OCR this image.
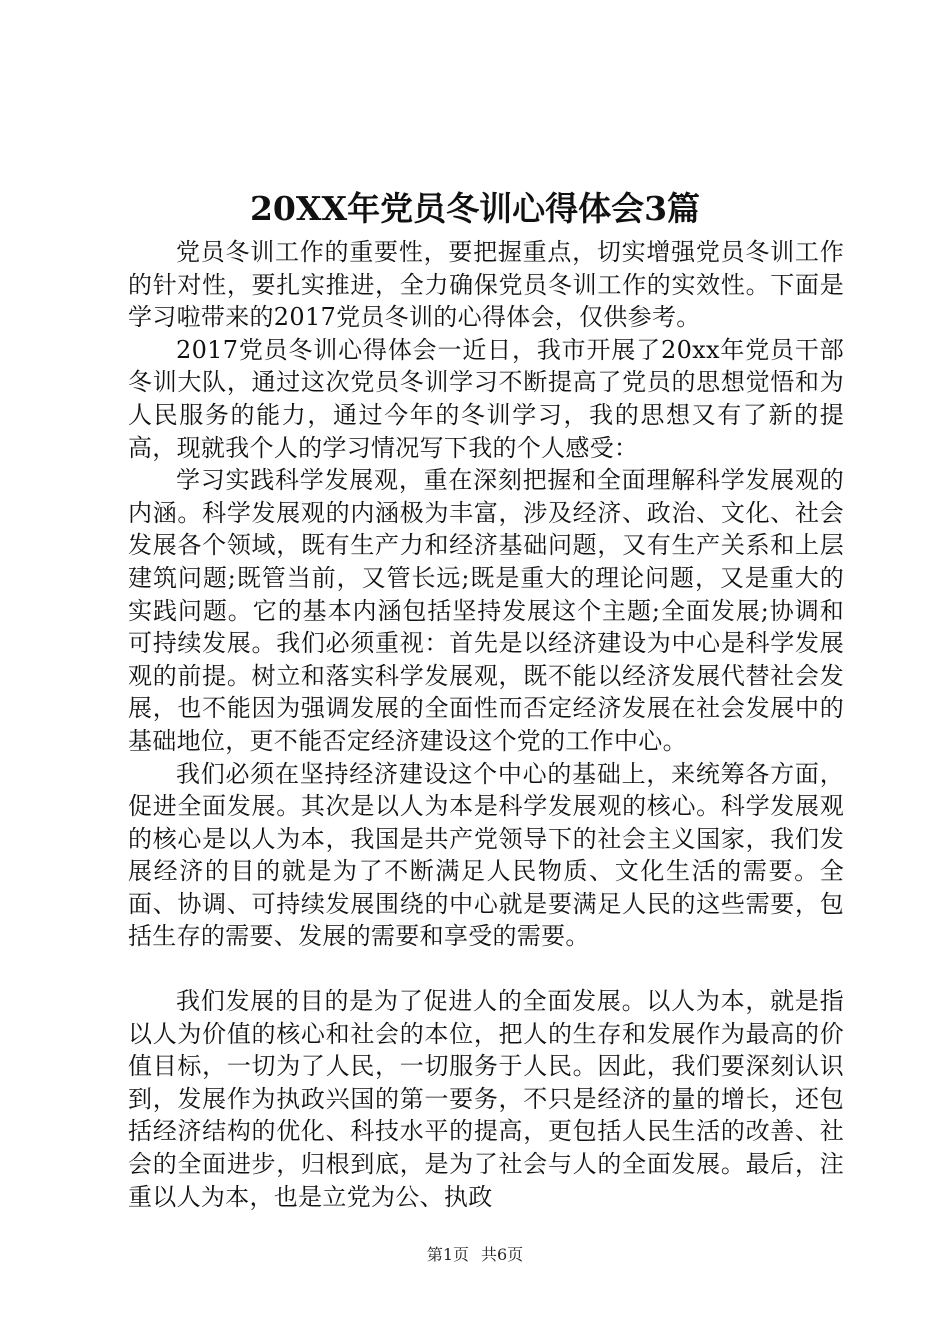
20XX年党员冬训心得体会3篇

党员冬训工作的重要性，要把握重点，切实增强党员冬训工作的针对性，要扎实推进，全力确保党员冬训工作的实效性。下面是学习啦带来的2017党员冬训的心得体会，仅供参考。

2017党员冬训心得体会一近日，我市开展了20xx年党员干部冬训大队，通过这次党员冬训学习不断提高了党员的思想觉悟和为人民服务的能力，通过今年的冬训学习，我的思想又有了新的提高，现就我个人的学习情况写下我的个人感受：

学习实践科学发展观，重在深刻把握和全面理解科学发展观的内涵。科学发展观的内涵极为丰富，涉及经济、政治、文化、社会发展各个领域，既有生产力和经济基础问题，又有生产关系和上层建筑问题;既管当前，又管长远;既是重大的理论问题，又是重大的实践问题。它的基本内涵包括坚持发展这个主题;全面发展;协调和可持续发展。我们必须重视：首先是以经济建设为中心是科学发展观的前提。树立和落实科学发展观，既不能以经济发展代替社会发展，也不能因为强调发展的全面性而否定经济发展在社会发展中的基础地位，更不能否定经济建设这个党的工作中心。

我们必须在坚持经济建设这个中心的基础上，来统筹各方面，促进全面发展。其次是以人为本是科学发展观的核心。科学发展观的核心是以人为本，我国是共产党领导下的社会主义国家，我们发展经济的目的就是为了不断满足人民物质、文化生活的需要。全面、协调、可持续发展围绕的中心就是要满足人民的这些需要，包括生存的需要、发展的需要和享受的需要。

我们发展的目的是为了促进人的全面发展。以人为本，就是指以人为价值的核心和社会的本位，把人的生存和发展作为最高的价值目标，一切为了人民，一切服务于人民。因此，我们要深刻认识到，发展作为执政兴国的第一要务，不只是经济的量的增长，还包括经济结构的优化、科技水平的提高，更包括人民生活的改善、社会的全面进步，归根到底，是为了社会与人的全面发展。最后，注重以人为本，也是立党为公、执政

第1页 共6页
